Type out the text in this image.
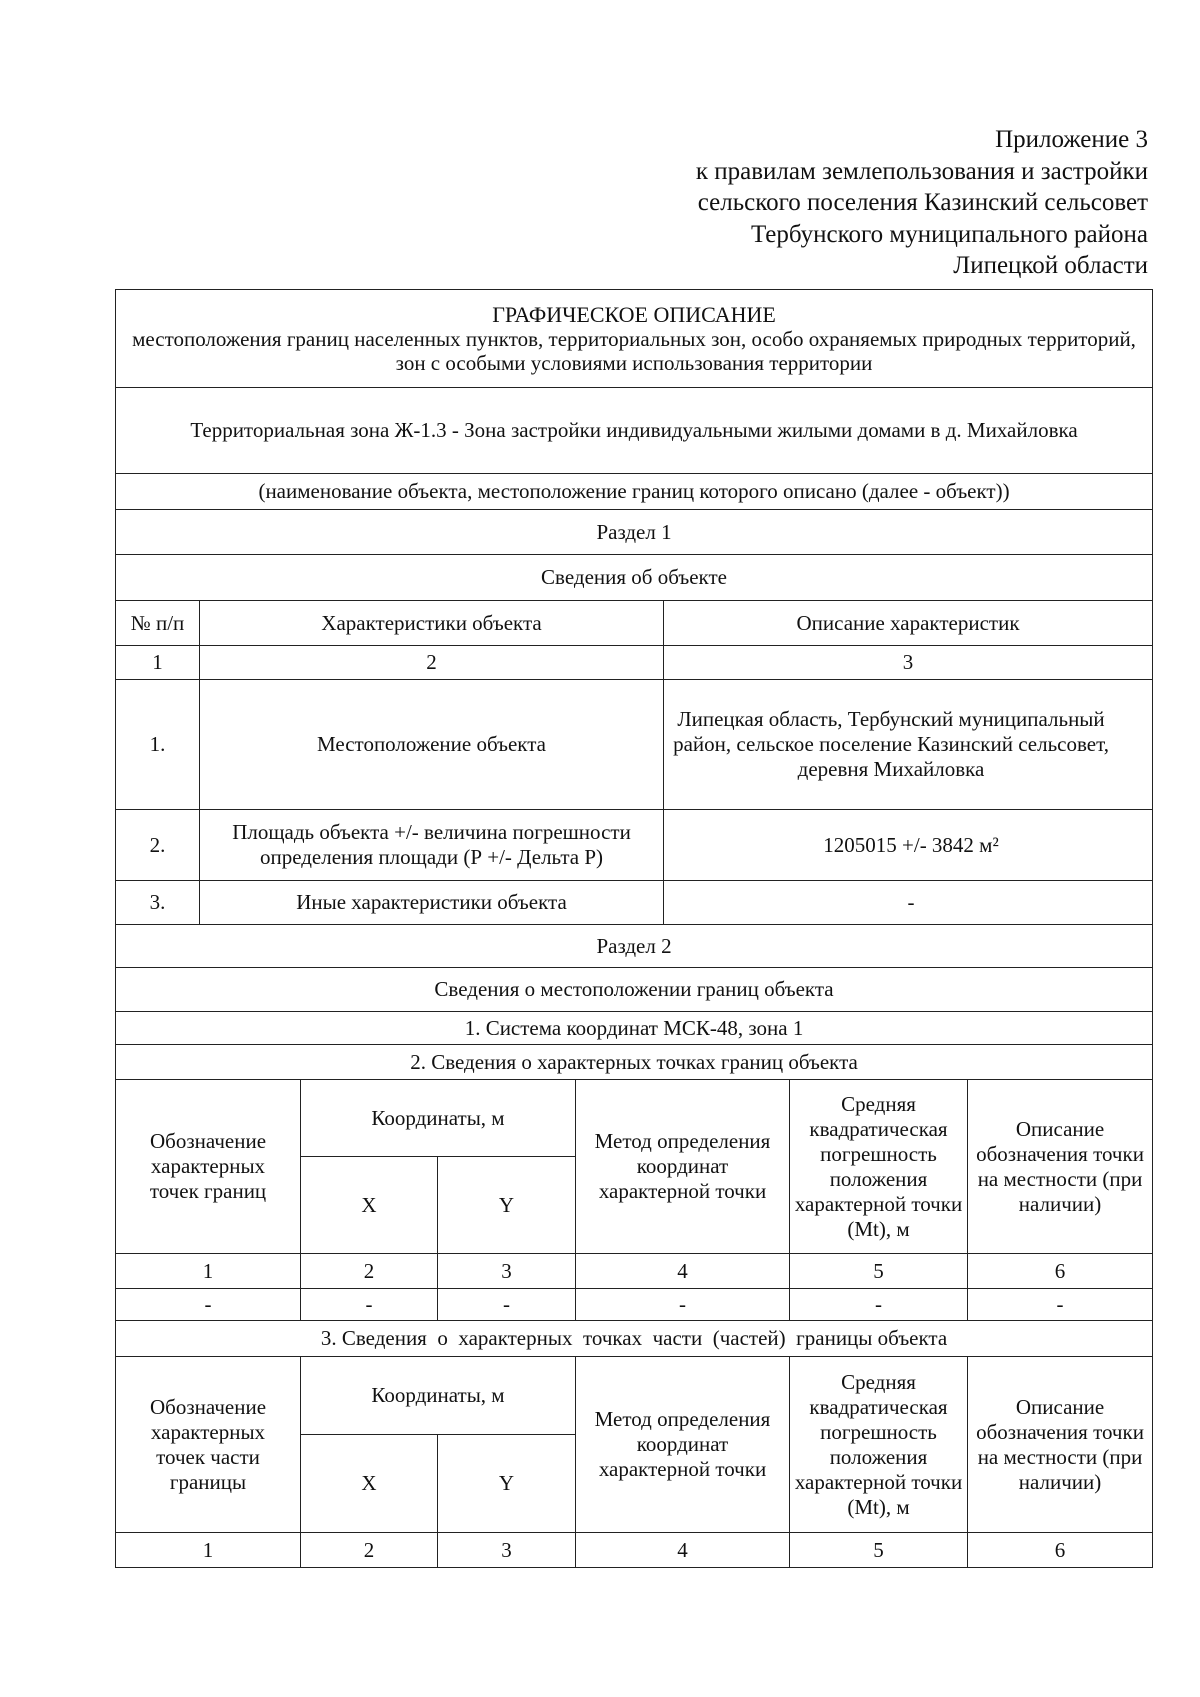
Приложение 3
к правилам землепользования и застройки
сельского поселения Казинский сельсовет
Тербунского муниципального района
Липецкой области
ГРАФИЧЕСКОЕ ОПИСАНИЕ
местоположения границ населенных пунктов, территориальных зон, особо охраняемых природных территорий, зон с особыми условиями использования территории							

Территориальная зона Ж-1.3 - Зона застройки индивидуальными жилыми домами в д. Михайловка							
(наименование объекта, местоположение границ которого описано (далее - объект))							
Раздел 1							
Сведения об объекте							
№ п/п	Характеристики объекта				Описание характеристик		
1	2				3		
1.	Местоположение объекта				Липецкая область, Тербунский муниципальный район, сельское поселение Казинский сельсовет, деревня Михайловка		
2.	Площадь объекта +/- величина погрешности определения площади (Р +/- Дельта Р)				1205015 +/- 3842 м²		
3.	Иные характеристики объекта				-		
Раздел 2							
Сведения о местоположении границ объекта							
1. Система координат МСК-48, зона 1							
2. Сведения о характерных точках границ объекта							
Обозначение характерных точек границ		Координаты, м		Метод определения координат характерной точки		Средняя квадратическая погрешность положения характерной точки (Mt), м	Описание обозначения точки на местности (при наличии)
		X	Y				
1		2	3	4		5	6
-		-	-	-		-	-
3. Сведения  о  характерных  точках  части  (частей)  границы объекта							
Обозначение характерных точек части границы		Координаты, м		Метод определения координат характерной точки		Средняя квадратическая погрешность положения характерной точки (Mt), м	Описание обозначения точки на местности (при наличии)
		X	Y				
1		2	3	4		5	6
